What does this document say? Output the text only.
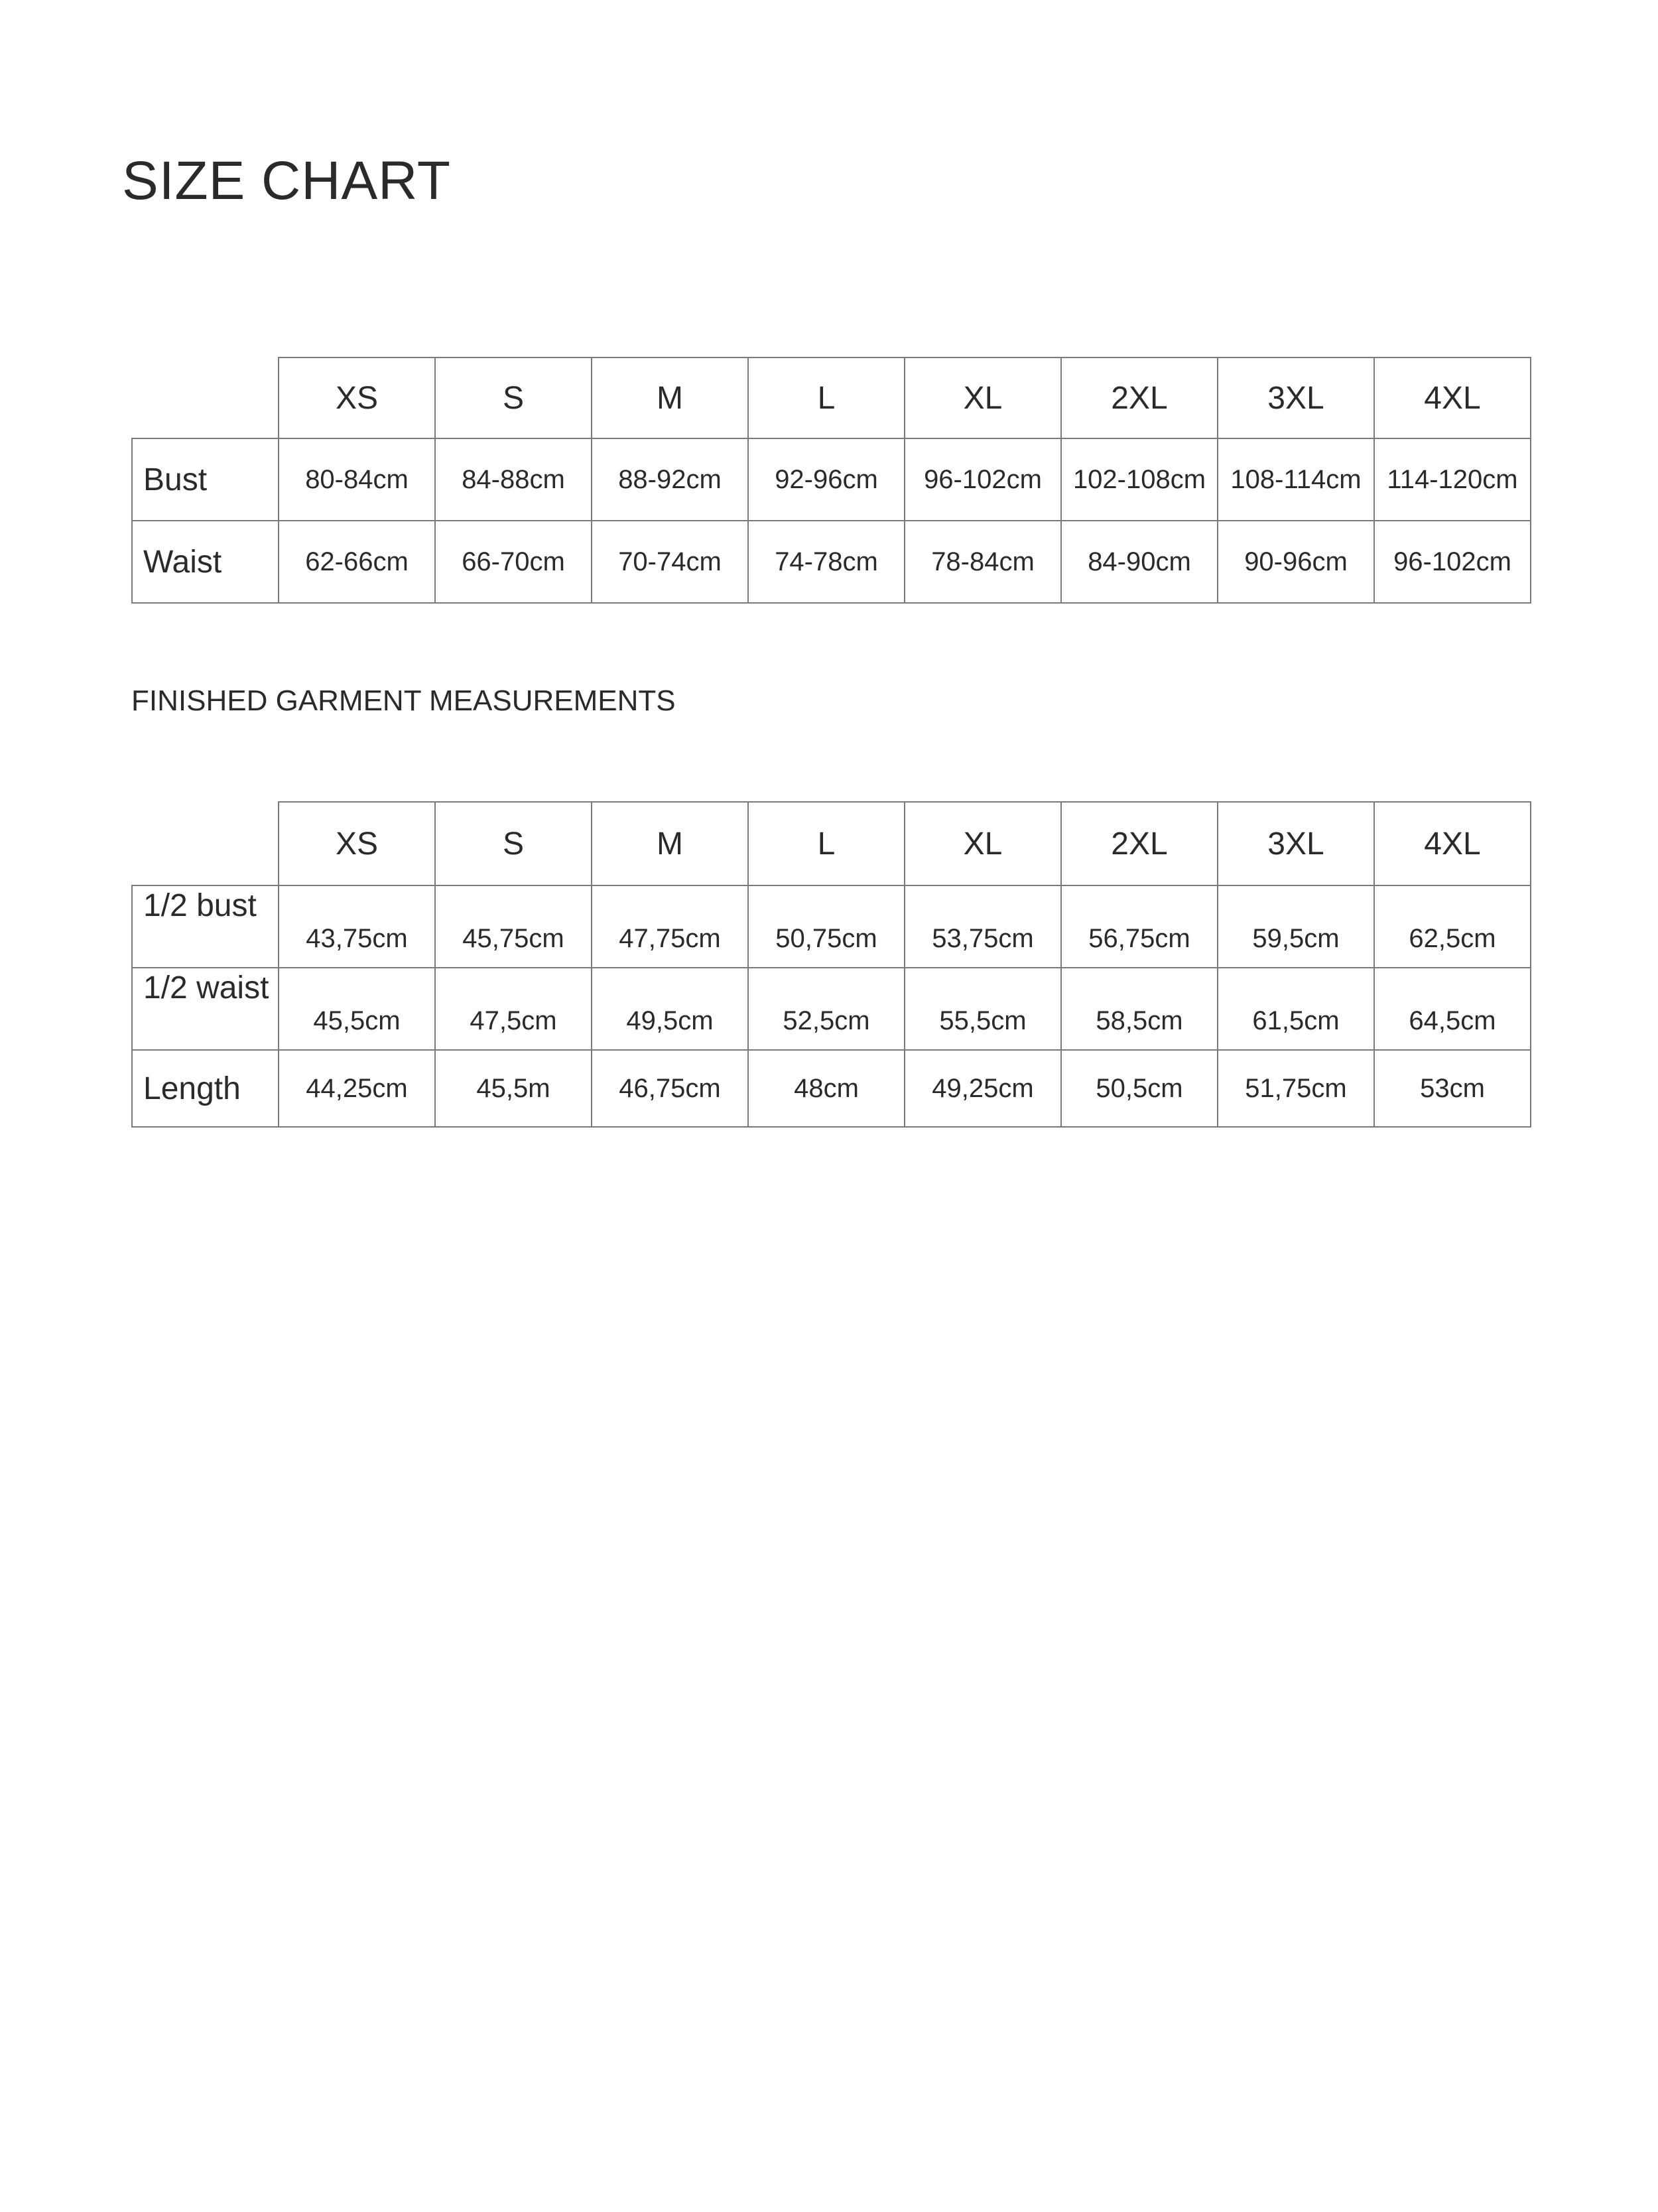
SIZE CHART
	XS	S	M	L	XL	2XL	3XL	4XL
Bust	80-84cm	84-88cm	88-92cm	92-96cm	96-102cm	102-108cm	108-114cm	114-120cm
Waist	62-66cm	66-70cm	70-74cm	74-78cm	78-84cm	84-90cm	90-96cm	96-102cm
FINISHED GARMENT MEASUREMENTS
	XS	S	M	L	XL	2XL	3XL	4XL
1/2 bust	43,75cm	45,75cm	47,75cm	50,75cm	53,75cm	56,75cm	59,5cm	62,5cm
1/2 waist	45,5cm	47,5cm	49,5cm	52,5cm	55,5cm	58,5cm	61,5cm	64,5cm
Length	44,25cm	45,5m	46,75cm	48cm	49,25cm	50,5cm	51,75cm	53cm
